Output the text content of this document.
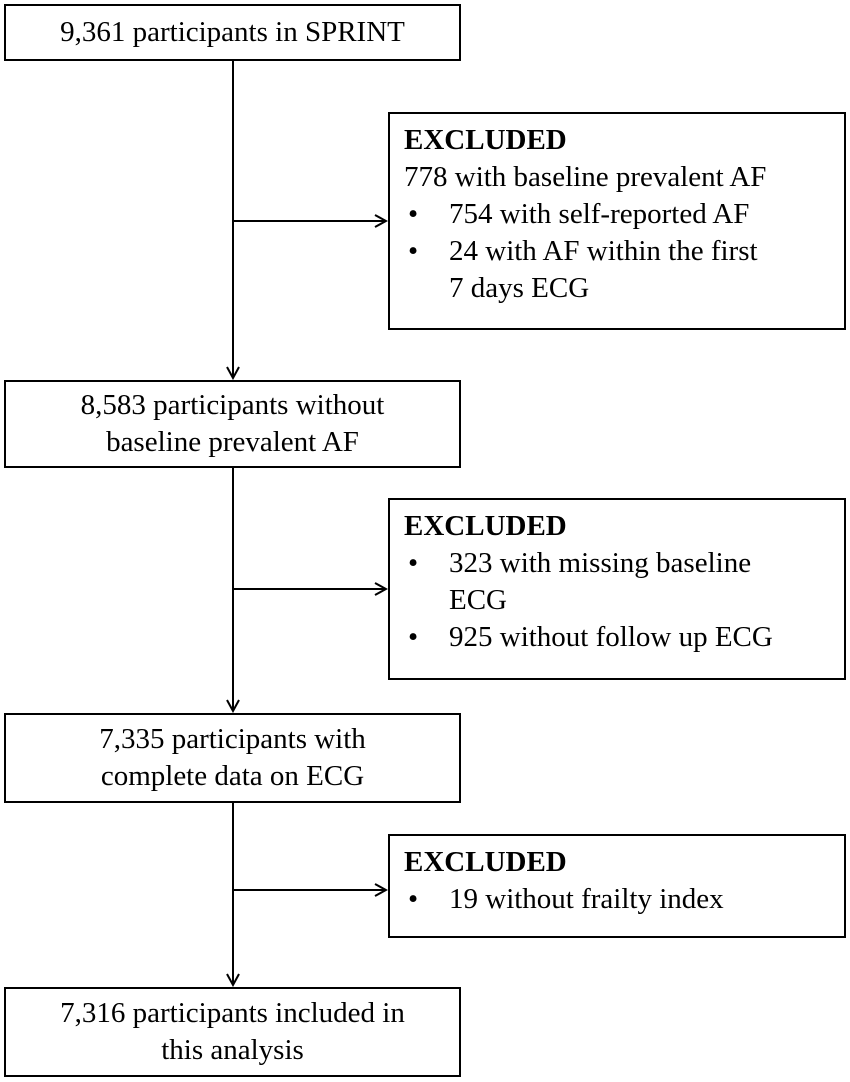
9,361 participants in SPRINT
8,583 participants without
baseline prevalent AF
7,335 participants with
complete data on ECG
7,316 participants included in
this analysis
EXCLUDED
778 with baseline prevalent AF
•	754 with self-reported AF
•	24 with AF within the first
7 days ECG
EXCLUDED
•	323 with missing baseline
ECG
•	925 without follow up ECG
EXCLUDED
•	19 without frailty index
